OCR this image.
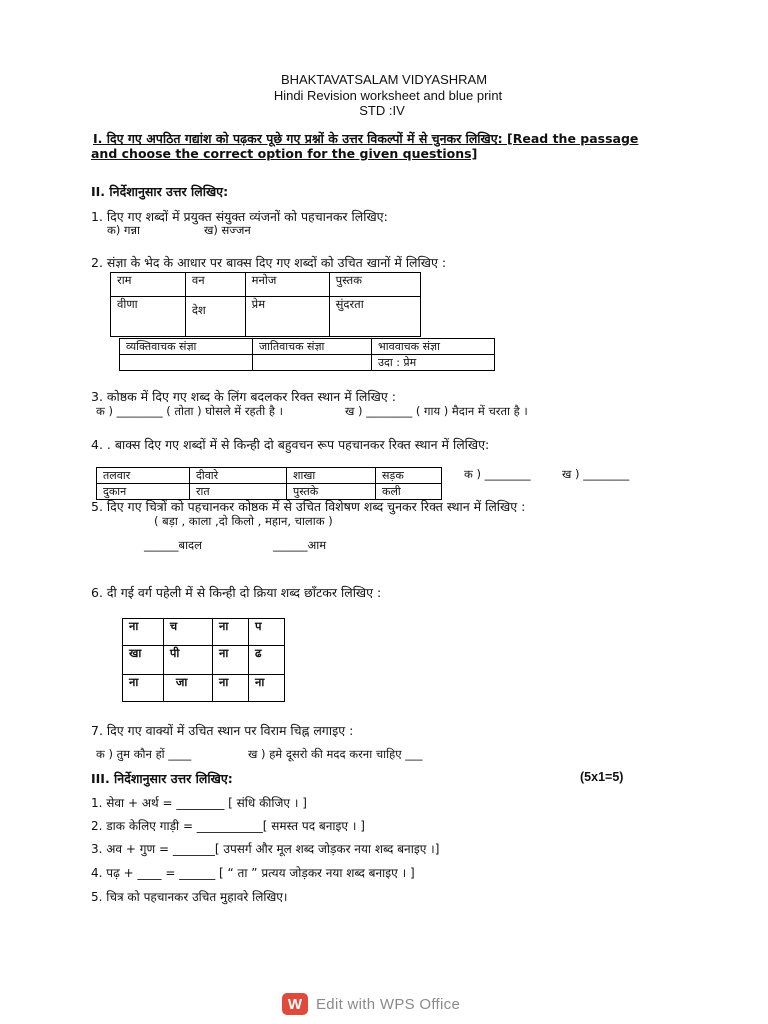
BHAKTAVATSALAM VIDYASHRAM
Hindi Revision worksheet and blue print
STD :IV
I. दिए गए अपठित गद्यांश को पढ़कर पूछे गए प्रश्नों के उत्तर विकल्पों में से चुनकर लिखिए: [Read the passage
and choose the correct option for the given questions]
II. निर्देशानुसार उत्तर लिखिए:
1. दिए गए शब्दों में प्रयुक्त संयुक्त व्यंजनों को पहचानकर लिखिए:
क) गन्ना	ख) सज्जन
2. संज्ञा के भेद के आधार पर बाक्स दिए गए शब्दों को उचित खानों में लिखिए :
राम	वन	मनोज	पुस्तक
वीणा	देश	प्रेम	सुंदरता
व्यक्तिवाचक संज्ञा	जातिवाचक संज्ञा	भाववाचक संज्ञा
		उदा : प्रेम
3. कोष्ठक में दिए गए शब्द के लिंग बदलकर रिक्त स्थान में लिखिए :
क ) ________ ( तोता ) घोसले में रहती है ।	ख ) ________ ( गाय ) मैदान में चरता है ।
4. . बाक्स दिए गए शब्दों में से किन्ही दो बहुवचन रूप पहचानकर रिक्त स्थान में लिखिए:
तलवार	दीवारे	शाखा	सड़क
दुकान	रात	पुस्तके	कली
क ) ________	ख ) ________
5. दिए गए चित्रों को पहचानकर कोष्ठक में से उचित विशेषण शब्द चुनकर रिक्त स्थान में लिखिए :
( बड़ा , काला ,दो किलो , महान, चालाक )
______बादल	______आम
6. दी गई वर्ग पहेली में से किन्ही दो क्रिया शब्द छाँटकर लिखिए :
ना	च	ना	प
खा	पी	ना	ढ
ना	जा	ना	ना
7. दिए गए वाक्यों में उचित स्थान पर विराम चिह्न लगाइए :
क ) तुम कौन हों ____	ख ) हमे दूसरो की मदद करना चाहिए ___
III. निर्देशानुसार उत्तर लिखिए:	(5x1=5)
1. सेवा + अर्थ = ________ [ संधि कीजिए । ]
2. डाक केलिए गाड़ी = ___________[ समस्त पद बनाइए । ]
3. अव + गुण = _______[ उपसर्ग और मूल शब्द जोड़कर नया शब्द बनाइए ।]
4. पढ़ + ____ = ______ [ “ ता ” प्रत्यय जोड़कर नया शब्द बनाइए । ]
5. चित्र को पहचानकर उचित मुहावरे लिखिए।
W Edit with WPS Office
